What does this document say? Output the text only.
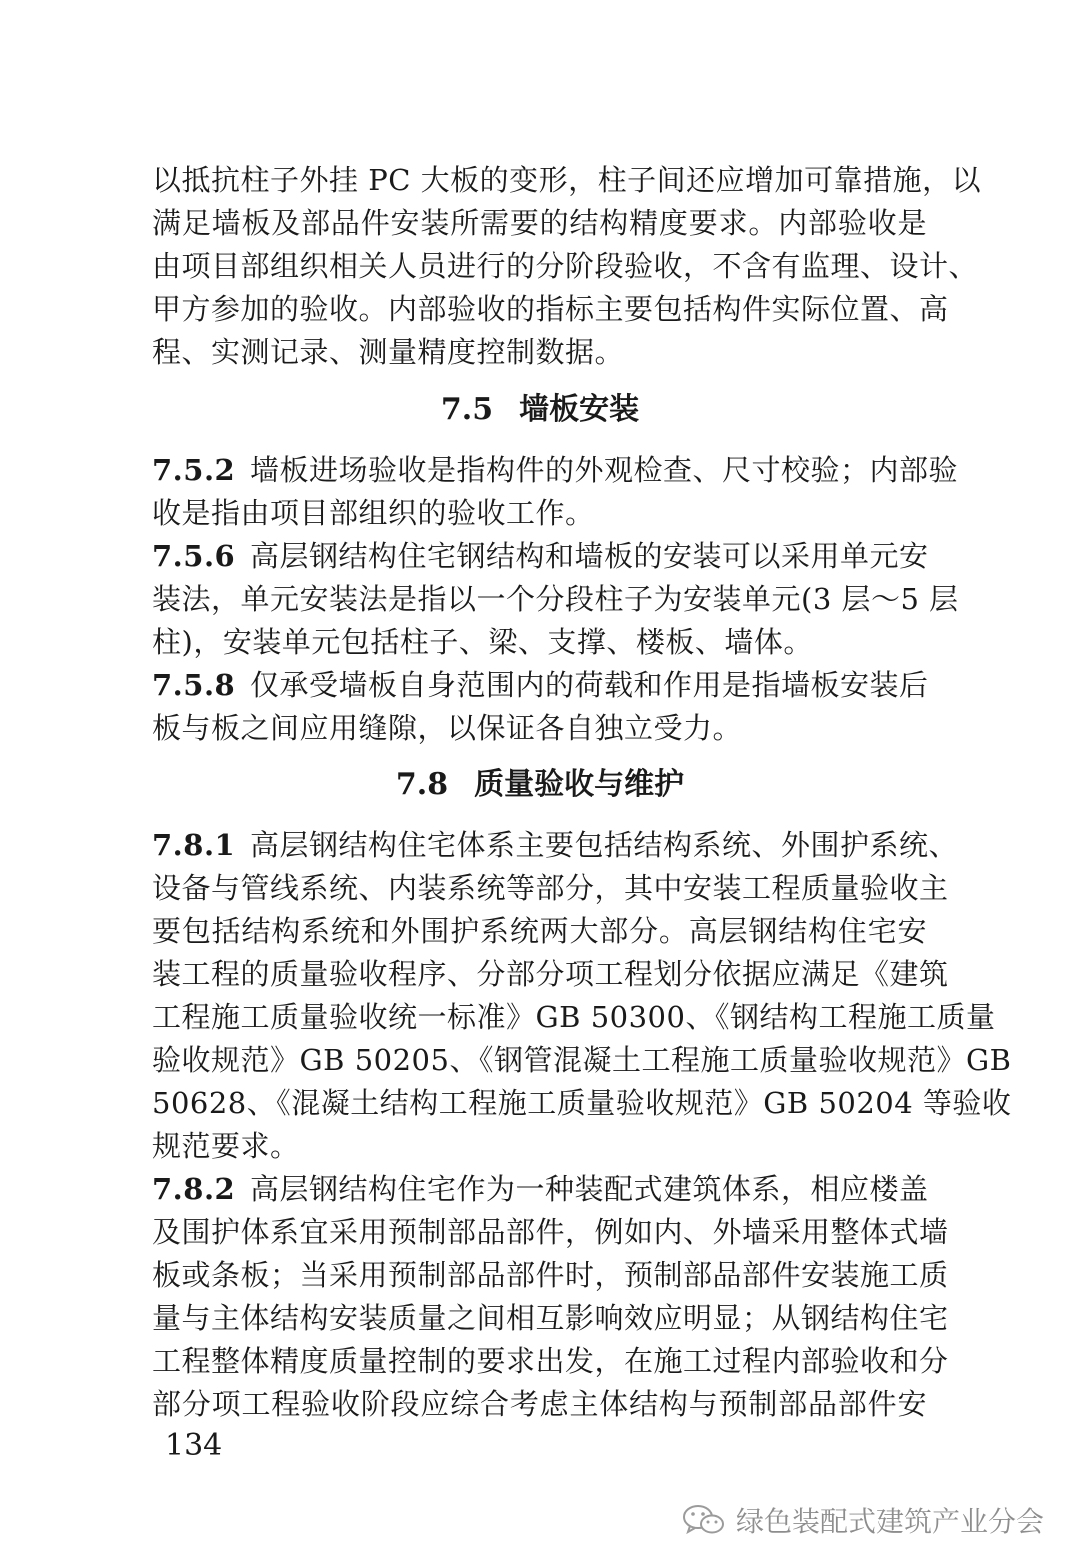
以抵抗柱子外挂 PC 大板的变形，柱子间还应增加可靠措施，以
满足墙板及部品件安装所需要的结构精度要求。内部验收是
由项目部组织相关人员进行的分阶段验收，不含有监理、设计、
甲方参加的验收。内部验收的指标主要包括构件实际位置、高
程、实测记录、测量精度控制数据。
7.5 墙板安装
7.5.2 墙板进场验收是指构件的外观检查、尺寸校验；内部验
收是指由项目部组织的验收工作。
7.5.6 高层钢结构住宅钢结构和墙板的安装可以采用单元安
装法，单元安装法是指以一个分段柱子为安装单元(3 层～5 层
柱)，安装单元包括柱子、梁、支撑、楼板、墙体。
7.5.8 仅承受墙板自身范围内的荷载和作用是指墙板安装后
板与板之间应用缝隙，以保证各自独立受力。
7.8 质量验收与维护
7.8.1 高层钢结构住宅体系主要包括结构系统、外围护系统、
设备与管线系统、内装系统等部分，其中安装工程质量验收主
要包括结构系统和外围护系统两大部分。高层钢结构住宅安
装工程的质量验收程序、分部分项工程划分依据应满足《建筑
工程施工质量验收统一标准》GB 50300、《钢结构工程施工质量
验收规范》GB 50205、《钢管混凝土工程施工质量验收规范》GB
50628、《混凝土结构工程施工质量验收规范》GB 50204 等验收
规范要求。
7.8.2 高层钢结构住宅作为一种装配式建筑体系，相应楼盖
及围护体系宜采用预制部品部件，例如内、外墙采用整体式墙
板或条板；当采用预制部品部件时，预制部品部件安装施工质
量与主体结构安装质量之间相互影响效应明显；从钢结构住宅
工程整体精度质量控制的要求出发，在施工过程内部验收和分
部分项工程验收阶段应综合考虑主体结构与预制部品部件安
134
绿色装配式建筑产业分会
